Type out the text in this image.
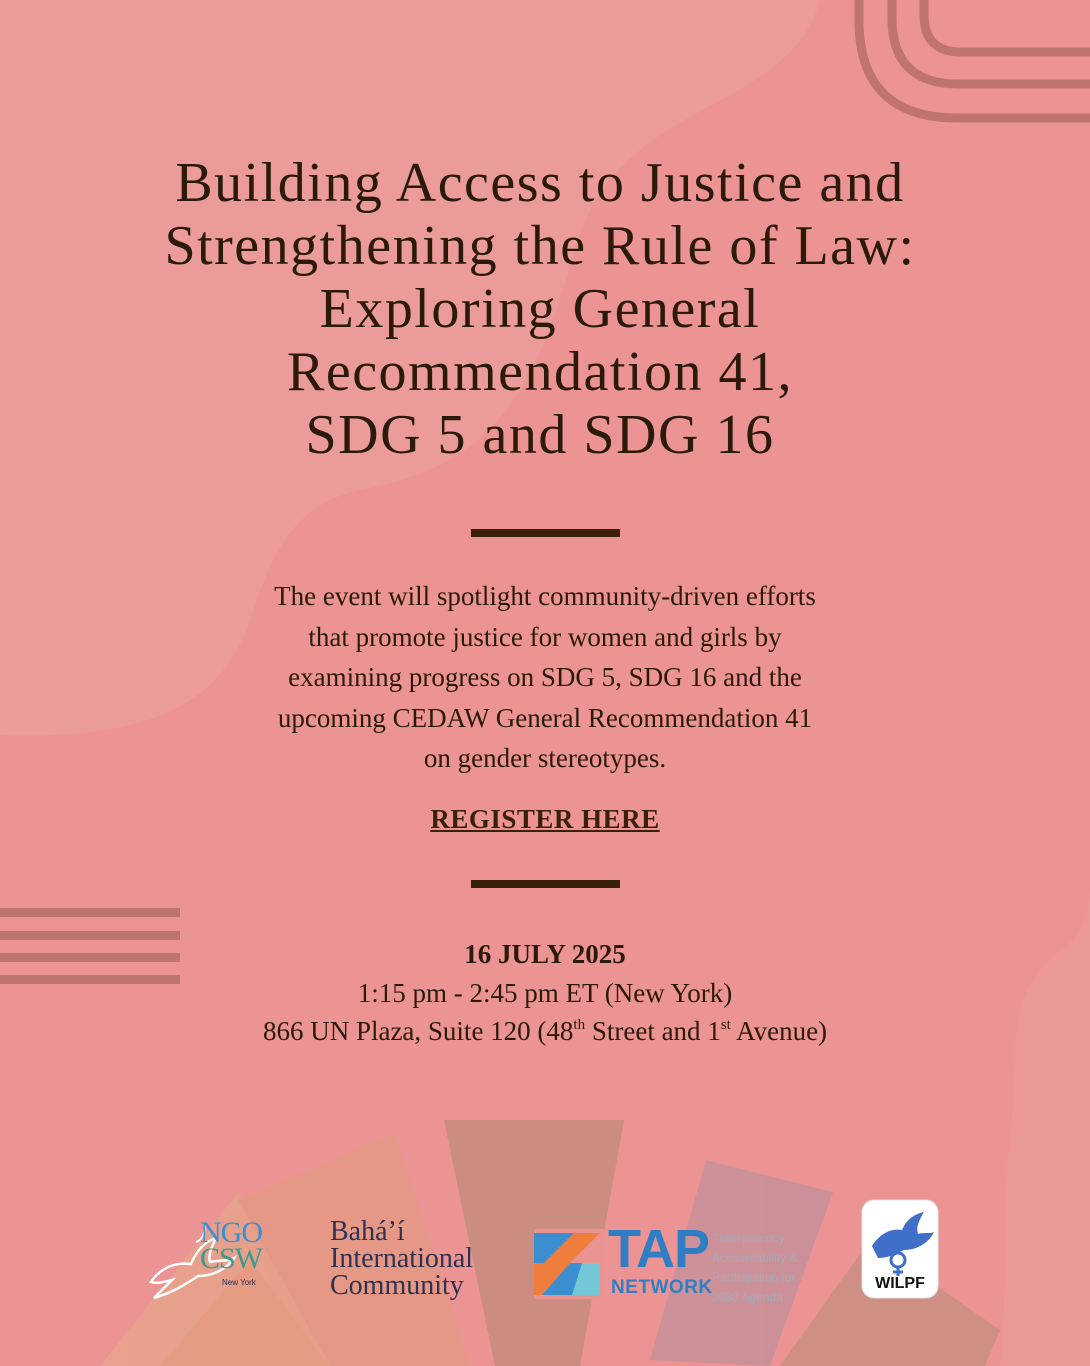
Building Access to Justice and
Strengthening the Rule of Law:
Exploring General
Recommendation 41,
SDG 5 and SDG 16
The event will spotlight community-driven efforts
that promote justice for women and girls by
examining progress on SDG 5, SDG 16 and the
upcoming CEDAW General Recommendation 41
on gender stereotypes.
REGISTER HERE
16 JULY 2025
1:15 pm - 2:45 pm ET (New York)
866 UN Plaza, Suite 120 (48th Street and 1st Avenue)
NGO
CSW
New York
Bahá’í
International
Community
TAP
NETWORK
Transparency,
Accountability &
Participation for
2030 Agenda
WILPF
